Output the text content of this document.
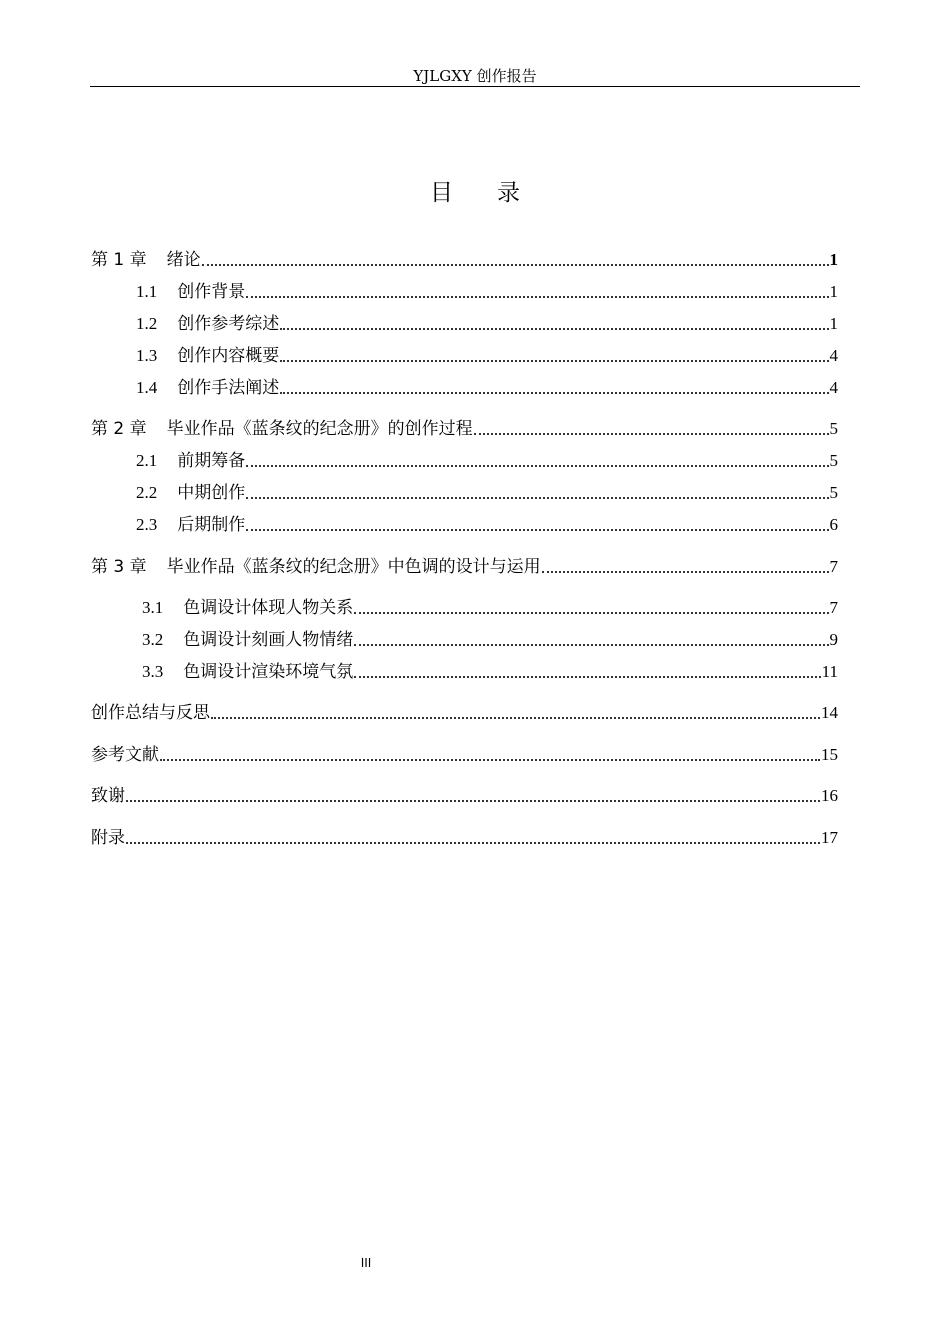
YJLGXY 创作报告
目录
第 1 章 绪论	1
1.1 创作背景	1
1.2 创作参考综述	1
1.3 创作内容概要	4
1.4 创作手法阐述	4
第 2 章 毕业作品《蓝条纹的纪念册》的创作过程	5
2.1 前期筹备	5
2.2 中期创作	5
2.3 后期制作	6
第 3 章 毕业作品《蓝条纹的纪念册》中色调的设计与运用	7
3.1 色调设计体现人物关系	7
3.2 色调设计刻画人物情绪	9
3.3 色调设计渲染环境气氛	11
创作总结与反思	14
参考文献	15
致谢	16
附录	17
III
